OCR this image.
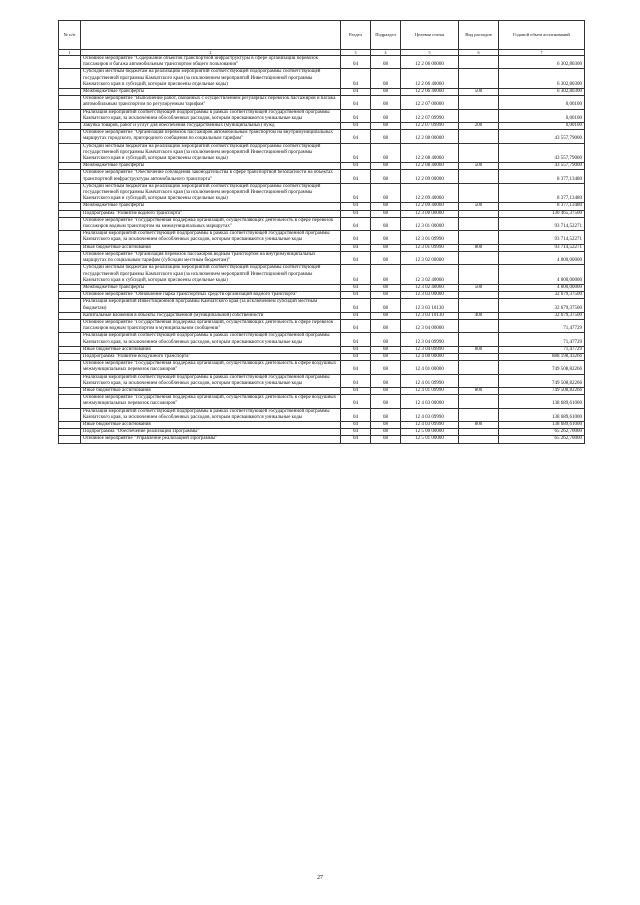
№ п/п		Раздел	Подраздел	Целевая статья	Вид расходов	Годовой объем ассигнований
1	2	3	4	5	6	7
	Основное мероприятие "Содержание объектов транспортной инфраструктуры в сфере организации перевозок пассажиров и багажа автомобильным транспортом общего пользования"	04	08	12 2 06 00000		6 302,80300
	Субсидии местным бюджетам на реализацию мероприятий соответствующей подпрограммы соответствующей государственной программы Камчатского края (за исключением мероприятий Инвестиционной программы Камчатского края и субсидий, которым присвоены отдельные коды)	04	08	12 2 06 40060		6 302,80300
	Межбюджетные трансферты	04	08	12 2 06 40060	500	6 302,80300
	Основное мероприятие "Выполнение работ, связанных с осуществлением регулярных перевозок пассажиров и багажа автомобильным транспортом по регулируемым тарифам"	04	08	12 2 07 00000		0,00100
	Реализация мероприятий соответствующей подпрограммы в рамках соответствующей государственной программы Камчатского края, за исключением обособленных расходов, которым присваиваются уникальные коды	04	08	12 2 07 09990		0,00100
	Закупка товаров, работ и услуг для обеспечения государственных (муниципальных) нужд	04	08	12 2 07 09990	200	0,00100
	Основное мероприятие "Организация перевозок пассажиров автомобильным транспортом на внутримуниципальных маршрутах городского, пригородного сообщения по социальным тарифам"	04	08	12 2 08 00000		43 557,79000
	Субсидии местным бюджетам на реализацию мероприятий соответствующей подпрограммы соответствующей государственной программы Камчатского края (за исключением мероприятий Инвестиционной программы Камчатского края и субсидий, которым присвоены отдельные коды)	04	08	12 2 08 40060		43 557,79000
	Межбюджетные трансферты	04	08	12 2 08 40060	500	43 557,79000
	Основное мероприятие "Обеспечение соблюдения законодательства в сфере транспортной безопасности на объектах транспортной инфраструктуры автомобильного транспорта"	04	08	12 2 09 00000		8 377,13480
	Субсидии местным бюджетам на реализацию мероприятий соответствующей подпрограммы соответствующей государственной программы Камчатского края (за исключением мероприятий Инвестиционной программы Камчатского края и субсидий, которым присвоены отдельные коды)	04	08	12 2 09 40060		8 377,13480
	Межбюджетные трансферты	04	08	12 2 09 40060	500	8 377,13480
	Подпрограмма "Развитие водного транспорта"	04	08	12 3 00 00000		130 465,37500
	Основное мероприятие "Государственная поддержка организаций, осуществляющих деятельность в сфере перевозок пассажиров водным транспортом на межмуниципальных маршрутах"	04	08	12 3 01 00000		93 714,52271
	Реализация мероприятий соответствующей подпрограммы в рамках соответствующей государственной программы Камчатского края, за исключением обособленных расходов, которым присваиваются уникальные коды	04	08	12 3 01 09990		93 714,52271
	Иные бюджетные ассигнования	04	08	12 3 01 09990	800	93 714,52271
	Основное мероприятие "Организация перевозок пассажиров водным транспортом на внутримуниципальных маршрутах по социальным тарифам (субсидии местным бюджетам)"	04	08	12 3 02 00000		4 000,00000
	Субсидии местным бюджетам на реализацию мероприятий соответствующей подпрограммы соответствующей государственной программы Камчатского края (за исключением мероприятий Инвестиционной программы Камчатского края и субсидий, которым присвоены отдельные коды)	04	08	12 3 02 40060		4 000,00000
	Межбюджетные трансферты	04	08	12 3 02 40060	500	4 000,00000
	Основное мероприятие "Обновление парка транспортных средств организаций водного транспорта"	04	08	12 3 03 00000		32 679,37500
	Реализация мероприятий Инвестиционной программы Камчатского края (за исключением субсидий местным бюджетам)	04	08	12 3 03 10130		32 679,37500
	Капитальные вложения в объекты государственной (муниципальной) собственности	04	08	12 3 03 10130	400	32 679,37500
	Основное мероприятие "Государственная поддержка организаций, осуществляющих деятельность в сфере перевозок пассажиров водным транспортом в муниципальном сообщении"	04	08	12 3 04 00000		71,47729
	Реализация мероприятий соответствующей подпрограммы в рамках соответствующей государственной программы Камчатского края, за исключением обособленных расходов, которым присваиваются уникальные коды	04	08	12 3 04 09990		71,47729
	Иные бюджетные ассигнования	04	08	12 3 04 09990	800	71,47729
	Подпрограмма "Развитие воздушного транспорта"	04	08	12 4 00 00000		888 198,43266
	Основное мероприятие "Государственная поддержка организаций, осуществляющих деятельность в сфере воздушных межмуниципальных перевозок пассажиров"	04	08	12 4 01 00000		749 508,82266
	Реализация мероприятий соответствующей подпрограммы в рамках соответствующей государственной программы Камчатского края, за исключением обособленных расходов, которым присваиваются уникальные коды	04	08	12 4 01 09990		749 508,82266
	Иные бюджетные ассигнования	04	08	12 4 01 09990	800	749 508,82266
	Основное мероприятие "Государственная поддержка организаций, осуществляющих деятельность в сфере воздушных межмуниципальных перевозок пассажиров"	04	08	12 4 03 00000		138 689,61000
	Реализация мероприятий соответствующей подпрограммы в рамках соответствующей государственной программы Камчатского края, за исключением обособленных расходов, которым присваиваются уникальные коды	04	08	12 4 03 09990		138 689,61000
	Иные бюджетные ассигнования	04	08	12 4 03 09990	800	138 689,61000
	Подпрограмма "Обеспечение реализации Программы"	04	08	12 5 00 00000		65 262,70000
	Основное мероприятие "Управление реализацией Программы"	04	08	12 5 01 00000		65 262,70000
27
